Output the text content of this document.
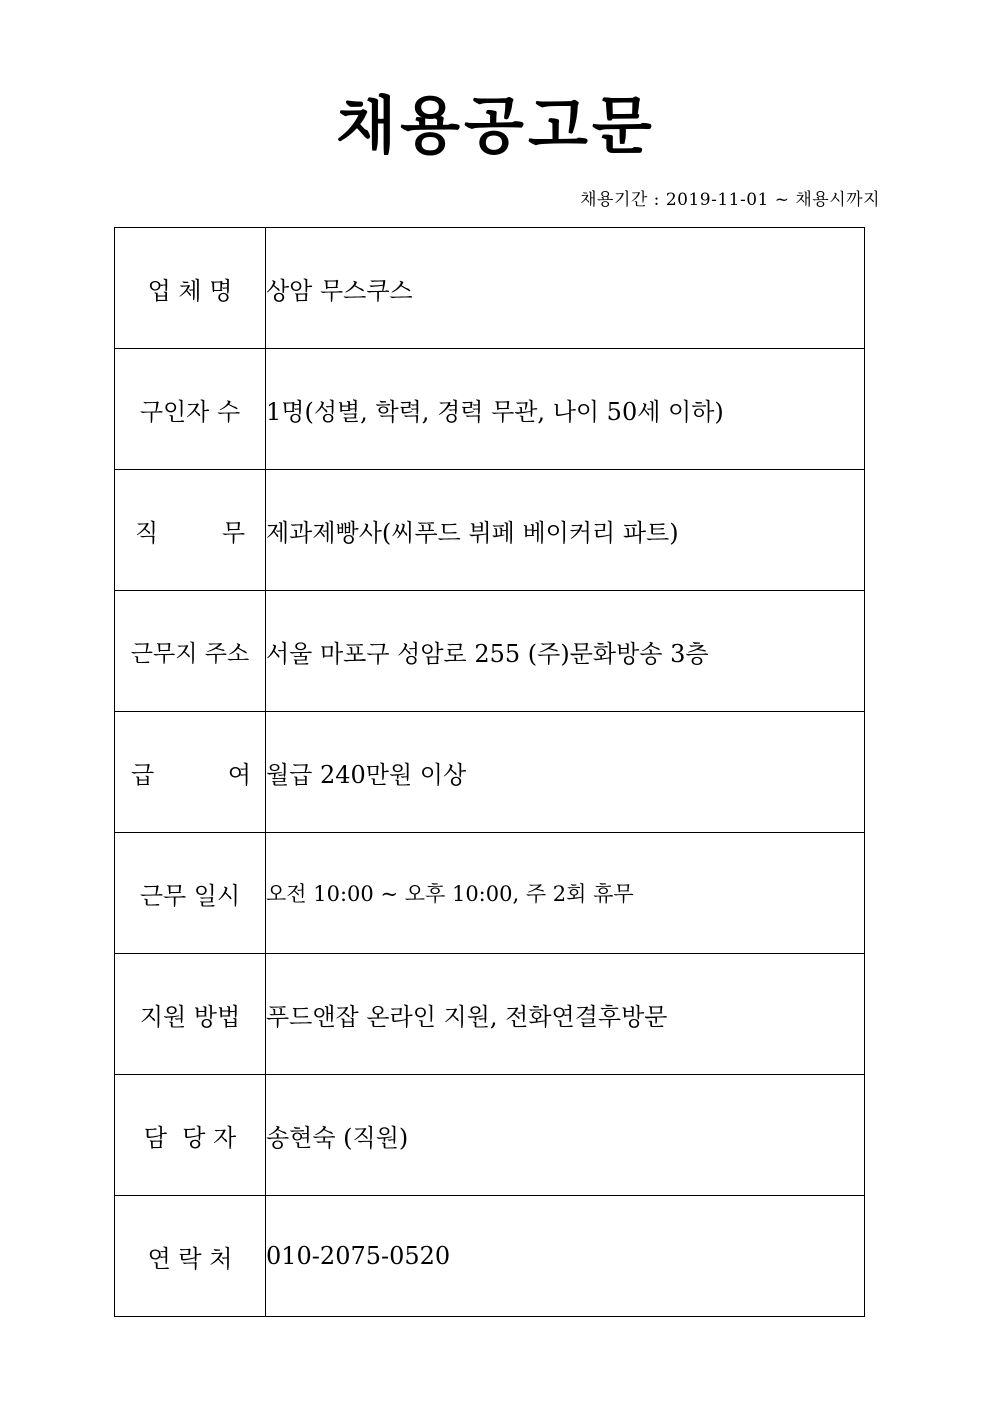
채용공고문
채용기간 : 2019-11-01 ~ 채용시까지
업 체 명	상암 무스쿠스
구인자 수	1명(성별, 학력, 경력 무관, 나이 50세 이하)

직 무	제과제빵사(씨푸드 뷔페 베이커리 파트)
근무지 주소	서울 마포구 성암로 255 (주)문화방송 3층

급 여	월급 240만원 이상
근무 일시	오전 10:00 ~ 오후 10:00, 주 2회 휴무
지원 방법	푸드앤잡 온라인 지원, 전화연결후방문
담  당 자	송현숙 (직원)
연 락 처	010-2075-0520
